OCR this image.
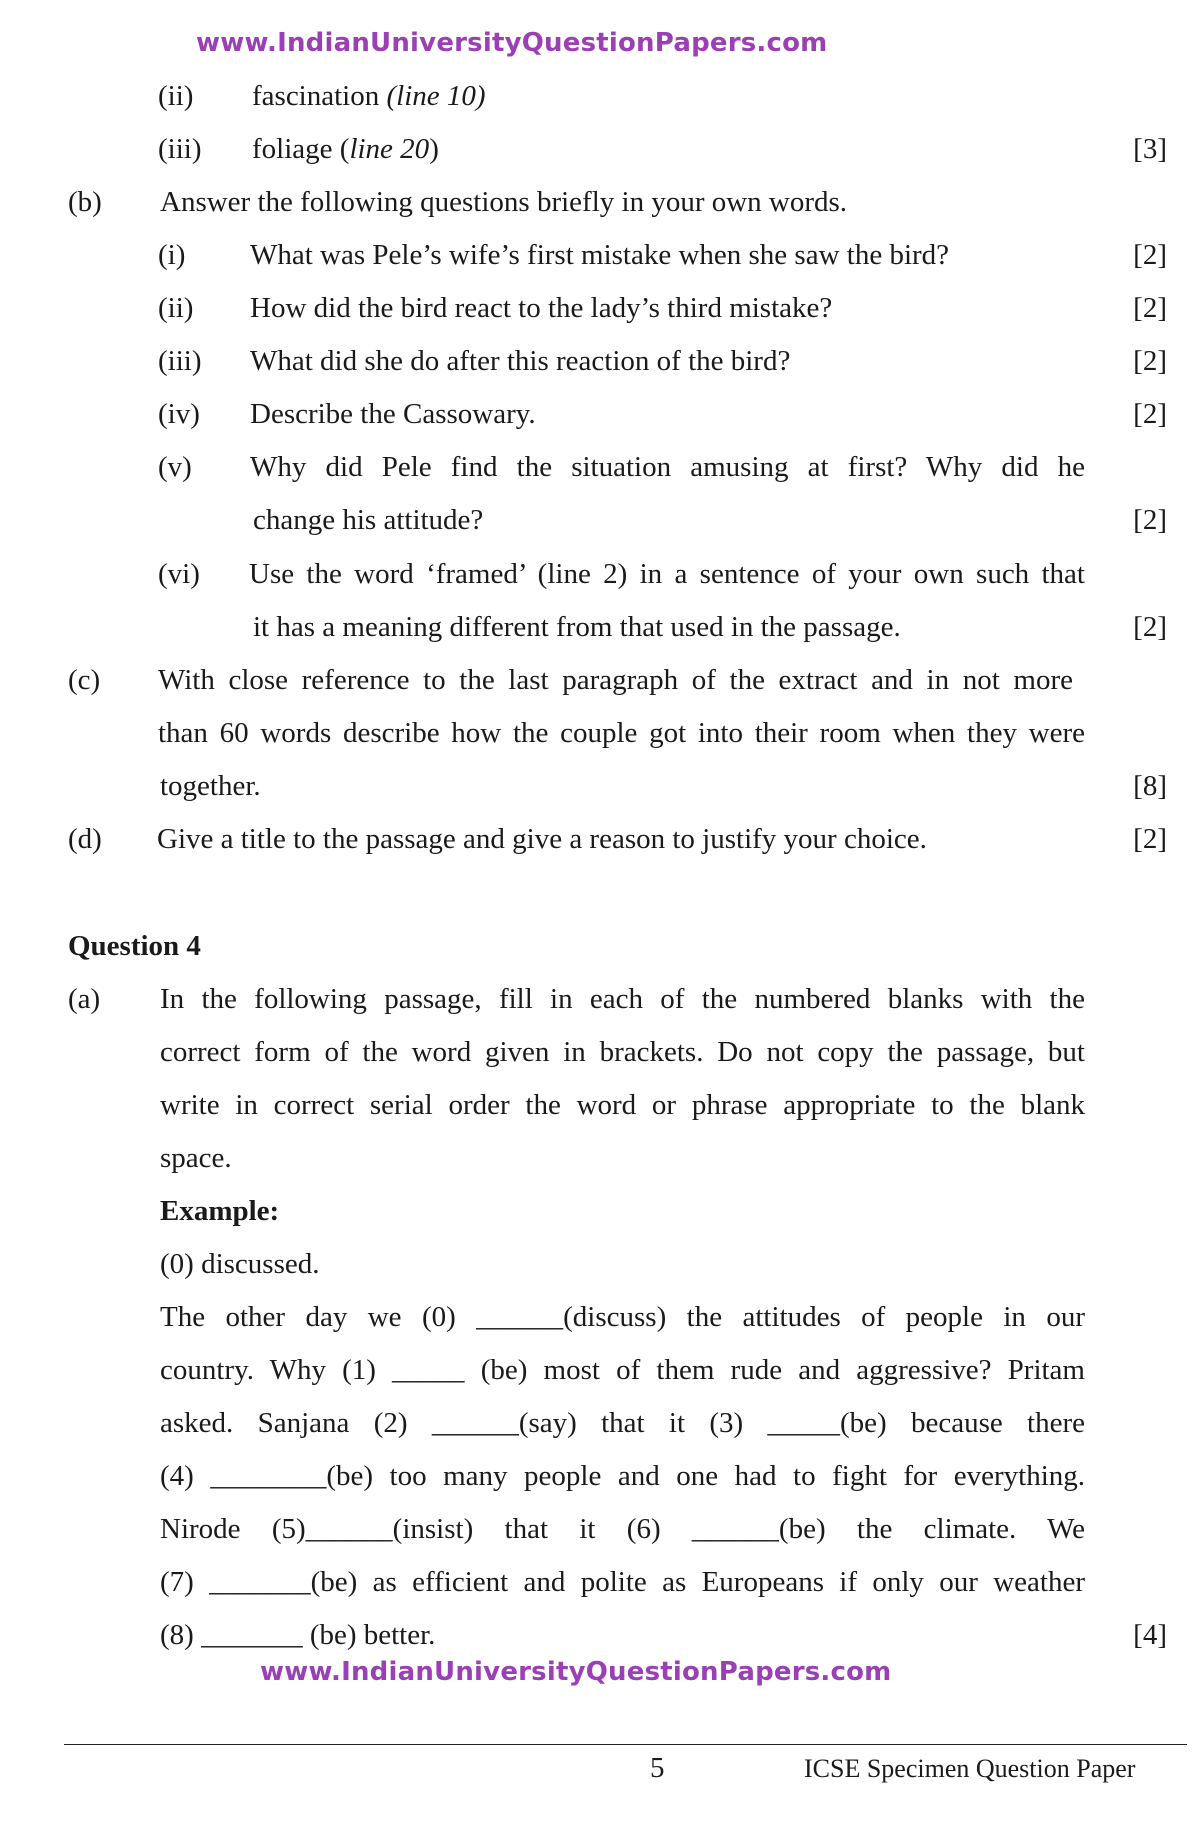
www.IndianUniversityQuestionPapers.com
(ii) fascination (line 10)
(iii) foliage (line 20)	[3]
(b) Answer the following questions briefly in your own words.
(i) What was Pele’s wife’s first mistake when she saw the bird?	[2]
(ii) How did the bird react to the lady’s third mistake?	[2]
(iii) What did she do after this reaction of the bird?	[2]
(iv) Describe the Cassowary.	[2]
(v) Why did Pele find the situation amusing at first? Why did he
change his attitude?	[2]
(vi) Use the word ‘framed’ (line 2) in a sentence of your own such that
it has a meaning different from that used in the passage.	[2]
(c) With close reference to the last paragraph of the extract and in not more
than 60 words describe how the couple got into their room when they were
together.	[8]
(d) Give a title to the passage and give a reason to justify your choice.	[2]
Question 4
(a) In the following passage, fill in each of the numbered blanks with the
correct form of the word given in brackets. Do not copy the passage, but
write in correct serial order the word or phrase appropriate to the blank
space.
Example:
(0) discussed.
The other day we (0) ______(discuss) the attitudes of people in our
country. Why (1) _____ (be) most of them rude and aggressive? Pritam
asked. Sanjana (2) ______(say) that it (3) _____(be) because there
(4) ________(be) too many people and one had to fight for everything.
Nirode (5)______(insist) that it (6) ______(be) the climate. We
(7) _______(be) as efficient and polite as Europeans if only our weather
(8) _______ (be) better.	[4]
www.IndianUniversityQuestionPapers.com
5	ICSE Specimen Question Paper
